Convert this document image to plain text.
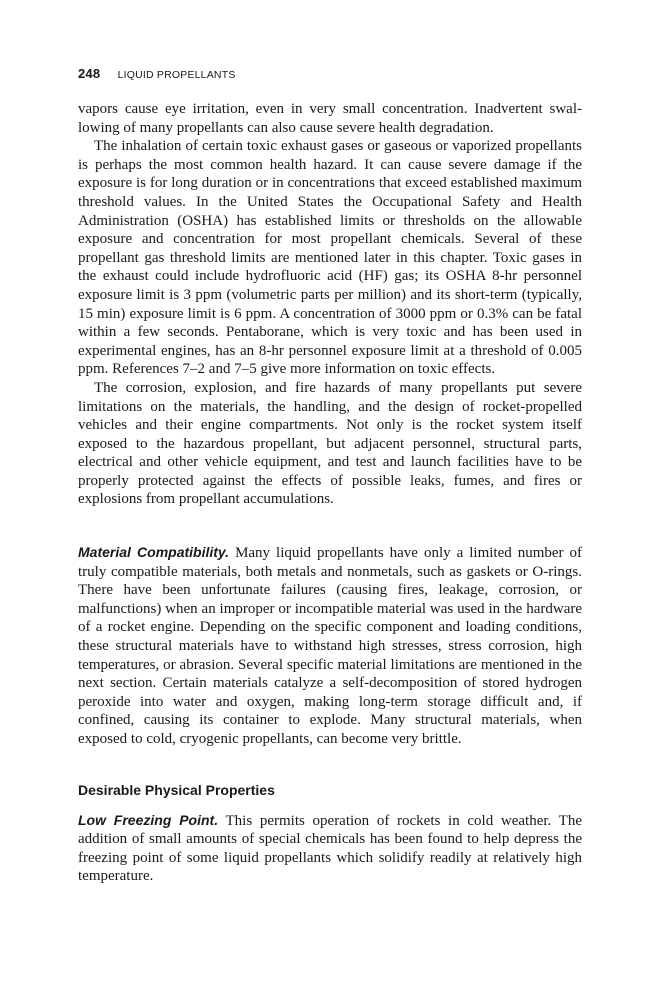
248 LIQUID PROPELLANTS

vapors cause eye irritation, even in very small concentration. Inadvertent swallowing of many propellants can also cause severe health degradation.

The inhalation of certain toxic exhaust gases or gaseous or vaporized propellants is perhaps the most common health hazard. It can cause severe damage if the exposure is for long duration or in concentrations that exceed established maximum threshold values. In the United States the Occupational Safety and Health Administration (OSHA) has established limits or thresholds on the allowable exposure and concentration for most propellant chemicals. Several of these propellant gas threshold limits are mentioned later in this chapter. Toxic gases in the exhaust could include hydrofluoric acid (HF) gas; its OSHA 8-hr personnel exposure limit is 3 ppm (volumetric parts per million) and its short-term (typically, 15 min) exposure limit is 6 ppm. A concentration of 3000 ppm or 0.3% can be fatal within a few seconds. Pentaborane, which is very toxic and has been used in experimental engines, has an 8-hr personnel exposure limit at a threshold of 0.005 ppm. References 7–2 and 7–5 give more information on toxic effects.

The corrosion, explosion, and fire hazards of many propellants put severe limitations on the materials, the handling, and the design of rocket-propelled vehicles and their engine compartments. Not only is the rocket system itself exposed to the hazardous propellant, but adjacent personnel, structural parts, electrical and other vehicle equipment, and test and launch facilities have to be properly protected against the effects of possible leaks, fumes, and fires or explosions from propellant accumulations.

Material Compatibility. Many liquid propellants have only a limited number of truly compatible materials, both metals and nonmetals, such as gaskets or O-rings. There have been unfortunate failures (causing fires, leakage, corrosion, or malfunctions) when an improper or incompatible material was used in the hardware of a rocket engine. Depending on the specific component and loading conditions, these structural materials have to withstand high stresses, stress corrosion, high temperatures, or abrasion. Several specific material limitations are mentioned in the next section. Certain materials catalyze a self-decomposition of stored hydrogen peroxide into water and oxygen, making long-term storage difficult and, if confined, causing its container to explode. Many structural materials, when exposed to cold, cryogenic propellants, can become very brittle.

Desirable Physical Properties

Low Freezing Point. This permits operation of rockets in cold weather. The addition of small amounts of special chemicals has been found to help depress the freezing point of some liquid propellants which solidify readily at relatively high temperature.
